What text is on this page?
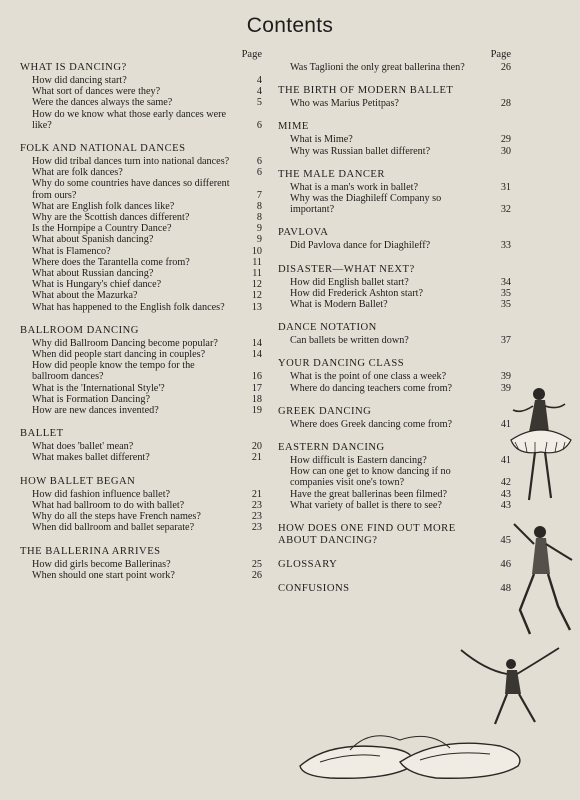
Contents
Page
WHAT IS DANCING?
How did dancing start?	4
What sort of dances were they?	4
Were the dances always the same?	5
How do we know what those early dances were like?	6
FOLK AND NATIONAL DANCES
How did tribal dances turn into national dances?	6
What are folk dances?	6
Why do some countries have dances so different from ours?	7
What are English folk dances like?	8
Why are the Scottish dances different?	8
Is the Hornpipe a Country Dance?	9
What about Spanish dancing?	9
What is Flamenco?	10
Where does the Tarantella come from?	11
What about Russian dancing?	11
What is Hungary's chief dance?	12
What about the Mazurka?	12
What has happened to the English folk dances?	13
BALLROOM DANCING
Why did Ballroom Dancing become popular?	14
When did people start dancing in couples?	14
How did people know the tempo for the ballroom dances?	16
What is the 'International Style'?	17
What is Formation Dancing?	18
How are new dances invented?	19
BALLET
What does 'ballet' mean?	20
What makes ballet different?	21
HOW BALLET BEGAN
How did fashion influence ballet?	21
What had ballroom to do with ballet?	23
Why do all the steps have French names?	23
When did ballroom and ballet separate?	23
THE BALLERINA ARRIVES
How did girls become Ballerinas?	25
When should one start point work?	26
Page
Was Taglioni the only great ballerina then?	26
THE BIRTH OF MODERN BALLET
Who was Marius Petitpas?	28
MIME
What is Mime?	29
Why was Russian ballet different?	30
THE MALE DANCER
What is a man's work in ballet?	31
Why was the Diaghileff Company so important?	32
PAVLOVA
Did Pavlova dance for Diaghileff?	33
DISASTER—WHAT NEXT?
How did English ballet start?	34
How did Frederick Ashton start?	35
What is Modern Ballet?	35
DANCE NOTATION
Can ballets be written down?	37
YOUR DANCING CLASS
What is the point of one class a week?	39
Where do dancing teachers come from?	39
GREEK DANCING
Where does Greek dancing come from?	41
EASTERN DANCING
How difficult is Eastern dancing?	41
How can one get to know dancing if no companies visit one's town?	42
Have the great ballerinas been filmed?	43
What variety of ballet is there to see?	43
HOW DOES ONE FIND OUT MORE ABOUT DANCING?	45
GLOSSARY	46
CONFUSIONS	48
